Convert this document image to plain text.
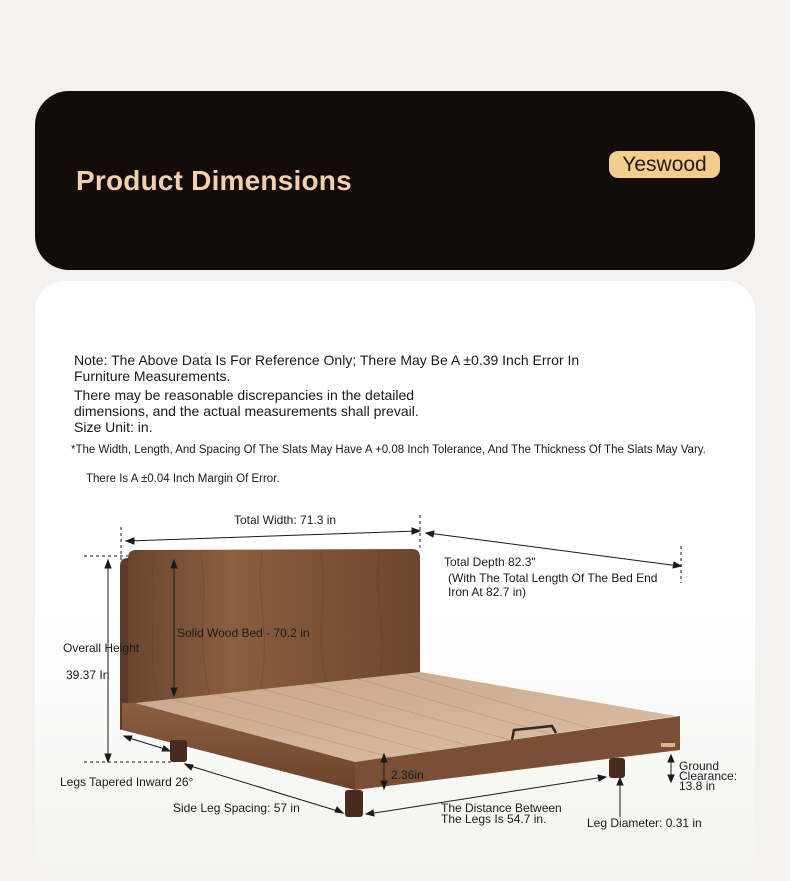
Product Dimensions
Yeswood
Note: The Above Data Is For Reference Only; There May Be A ±0.39 Inch Error In
Furniture Measurements.
There may be reasonable discrepancies in the detailed
dimensions, and the actual measurements shall prevail.
Size Unit: in.
*The Width, Length, And Spacing Of The Slats May Have A +0.08 Inch Tolerance, And The Thickness Of The Slats May Vary.
There Is A ±0.04 Inch Margin Of Error.
Total Width: 71.3 in
Total Depth 82.3"
(With The Total Length Of The Bed End
Iron At 82.7 in)
Solid Wood Bed - 70.2 in
Overall Height
39.37 In
Legs Tapered Inward 26°
Side Leg Spacing: 57 in
2.36in
The Distance Between
The Legs Is 54.7 in.	Leg Diameter: 0.31 in
Ground
Clearance:
13.8 in
